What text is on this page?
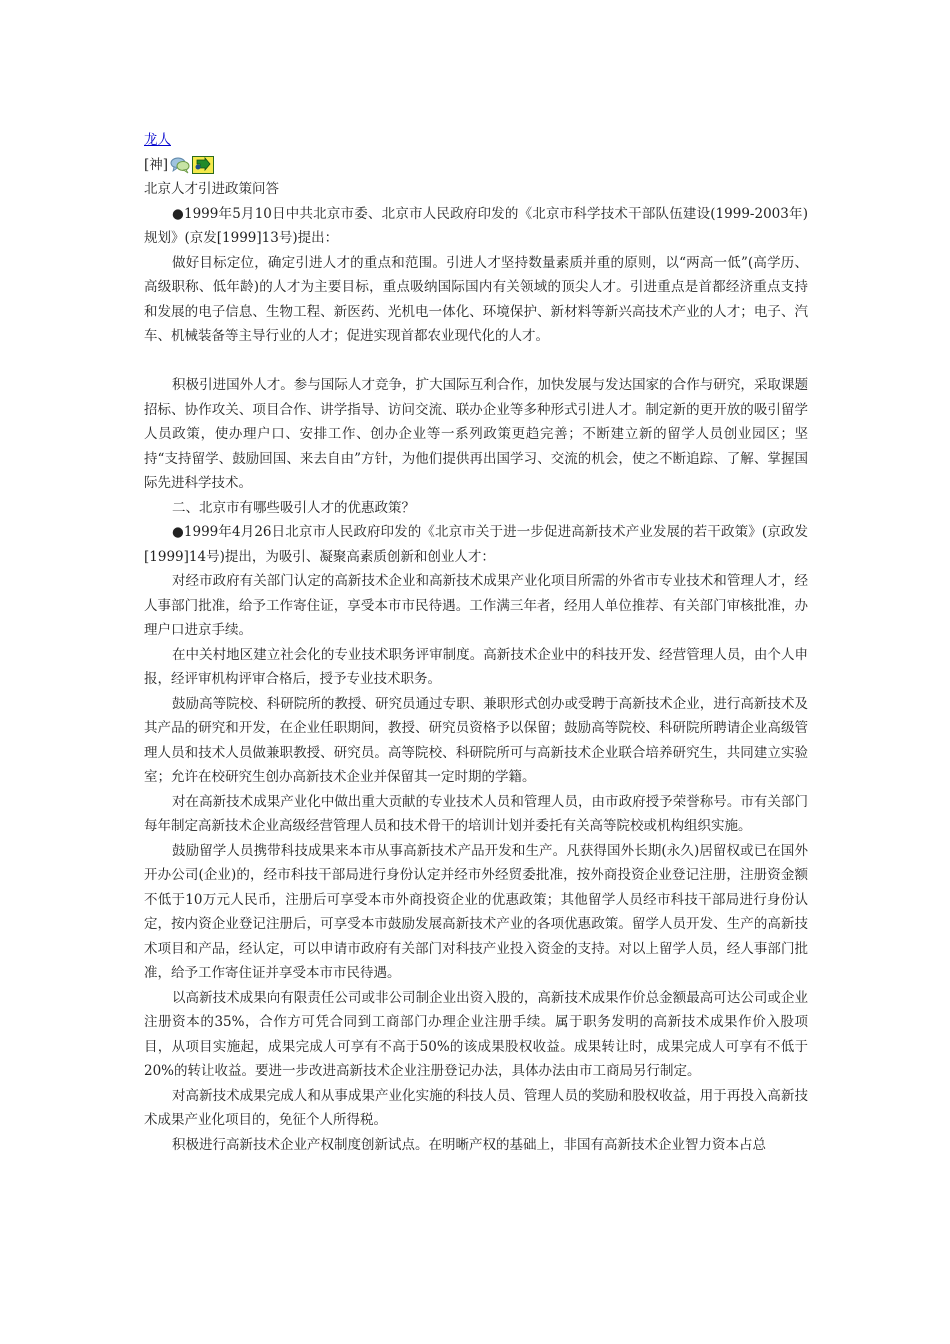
龙人
[神]
北京人才引进政策问答

●1999年5月10日中共北京市委、北京市人民政府印发的《北京市科学技术干部队伍建设(1999-2003年)规划》(京发[1999]13号)提出：

做好目标定位，确定引进人才的重点和范围。引进人才坚持数量素质并重的原则，以“两高一低”(高学历、高级职称、低年龄)的人才为主要目标，重点吸纳国际国内有关领域的顶尖人才。引进重点是首都经济重点支持和发展的电子信息、生物工程、新医药、光机电一体化、环境保护、新材料等新兴高技术产业的人才；电子、汽车、机械装备等主导行业的人才；促进实现首都农业现代化的人才。

积极引进国外人才。参与国际人才竞争，扩大国际互利合作，加快发展与发达国家的合作与研究，采取课题招标、协作攻关、项目合作、讲学指导、访问交流、联办企业等多种形式引进人才。制定新的更开放的吸引留学人员政策，使办理户口、安排工作、创办企业等一系列政策更趋完善；不断建立新的留学人员创业园区；坚持“支持留学、鼓励回国、来去自由”方针，为他们提供再出国学习、交流的机会，使之不断追踪、了解、掌握国际先进科学技术。

二、北京市有哪些吸引人才的优惠政策？

●1999年4月26日北京市人民政府印发的《北京市关于进一步促进高新技术产业发展的若干政策》(京政发[1999]14号)提出，为吸引、凝聚高素质创新和创业人才：

对经市政府有关部门认定的高新技术企业和高新技术成果产业化项目所需的外省市专业技术和管理人才，经人事部门批准，给予工作寄住证，享受本市市民待遇。工作满三年者，经用人单位推荐、有关部门审核批准，办理户口进京手续。

在中关村地区建立社会化的专业技术职务评审制度。高新技术企业中的科技开发、经营管理人员，由个人申报，经评审机构评审合格后，授予专业技术职务。

鼓励高等院校、科研院所的教授、研究员通过专职、兼职形式创办或受聘于高新技术企业，进行高新技术及其产品的研究和开发，在企业任职期间，教授、研究员资格予以保留；鼓励高等院校、科研院所聘请企业高级管理人员和技术人员做兼职教授、研究员。高等院校、科研院所可与高新技术企业联合培养研究生，共同建立实验室；允许在校研究生创办高新技术企业并保留其一定时期的学籍。

对在高新技术成果产业化中做出重大贡献的专业技术人员和管理人员，由市政府授予荣誉称号。市有关部门每年制定高新技术企业高级经营管理人员和技术骨干的培训计划并委托有关高等院校或机构组织实施。

鼓励留学人员携带科技成果来本市从事高新技术产品开发和生产。凡获得国外长期(永久)居留权或已在国外开办公司(企业)的，经市科技干部局进行身份认定并经市外经贸委批准，按外商投资企业登记注册，注册资金额不低于10万元人民币，注册后可享受本市外商投资企业的优惠政策；其他留学人员经市科技干部局进行身份认定，按内资企业登记注册后，可享受本市鼓励发展高新技术产业的各项优惠政策。留学人员开发、生产的高新技术项目和产品，经认定，可以申请市政府有关部门对科技产业投入资金的支持。对以上留学人员，经人事部门批准，给予工作寄住证并享受本市市民待遇。

以高新技术成果向有限责任公司或非公司制企业出资入股的，高新技术成果作价总金额最高可达公司或企业注册资本的35%，合作方可凭合同到工商部门办理企业注册手续。属于职务发明的高新技术成果作价入股项目，从项目实施起，成果完成人可享有不高于50%的该成果股权收益。成果转让时，成果完成人可享有不低于20%的转让收益。要进一步改进高新技术企业注册登记办法，具体办法由市工商局另行制定。

对高新技术成果完成人和从事成果产业化实施的科技人员、管理人员的奖励和股权收益，用于再投入高新技术成果产业化项目的，免征个人所得税。

积极进行高新技术企业产权制度创新试点。在明晰产权的基础上，非国有高新技术企业智力资本占总
